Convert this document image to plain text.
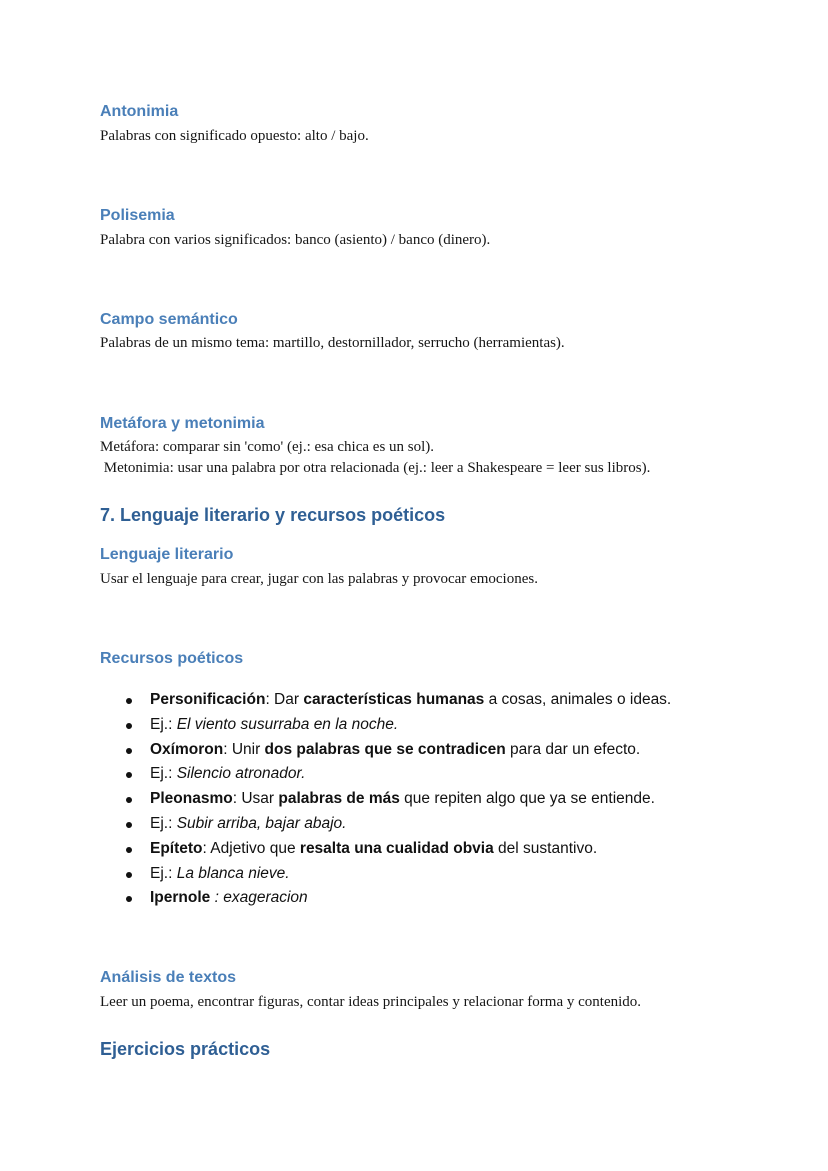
Antonimia
Palabras con significado opuesto: alto / bajo.
Polisemia
Palabra con varios significados: banco (asiento) / banco (dinero).
Campo semántico
Palabras de un mismo tema: martillo, destornillador, serrucho (herramientas).
Metáfora y metonimia
Metáfora: comparar sin 'como' (ej.: esa chica es un sol).
Metonimia: usar una palabra por otra relacionada (ej.: leer a Shakespeare = leer sus libros).
7. Lenguaje literario y recursos poéticos
Lenguaje literario
Usar el lenguaje para crear, jugar con las palabras y provocar emociones.
Recursos poéticos
Personificación: Dar características humanas a cosas, animales o ideas.
Ej.: El viento susurraba en la noche.
Oxímoron: Unir dos palabras que se contradicen para dar un efecto.
Ej.: Silencio atronador.
Pleonasmo: Usar palabras de más que repiten algo que ya se entiende.
Ej.: Subir arriba, bajar abajo.
Epíteto: Adjetivo que resalta una cualidad obvia del sustantivo.
Ej.: La blanca nieve.
Ipernole : exageracion
Análisis de textos
Leer un poema, encontrar figuras, contar ideas principales y relacionar forma y contenido.
Ejercicios prácticos
